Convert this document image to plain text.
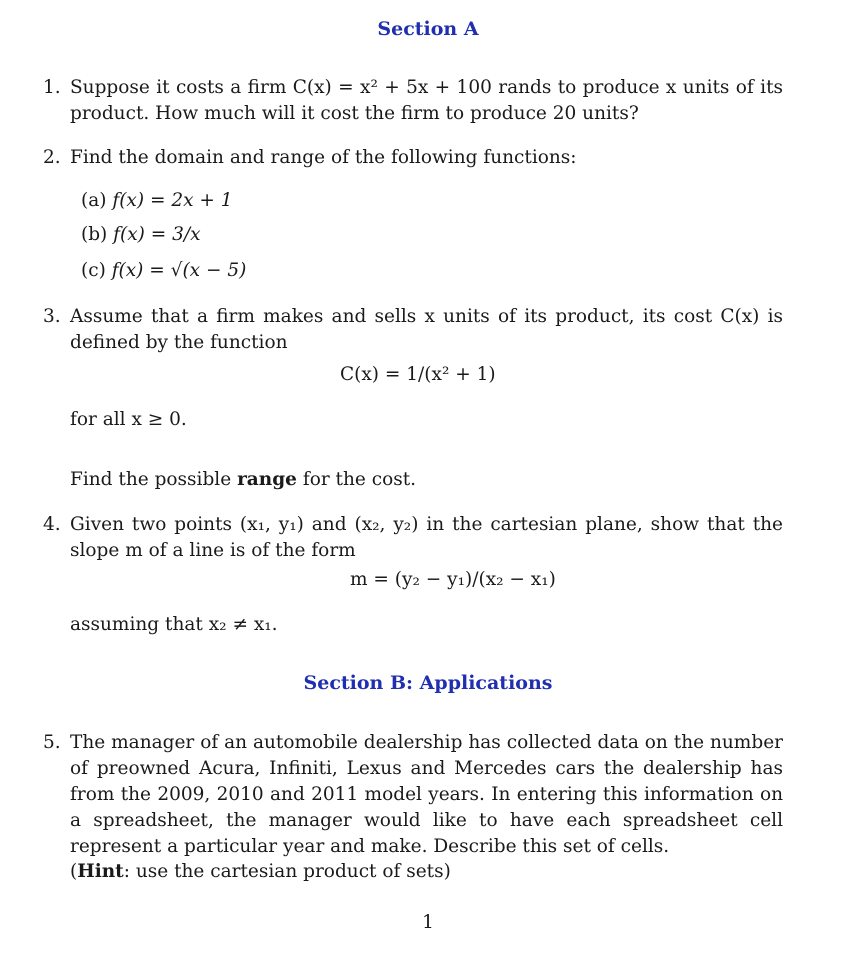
Section A
1. Suppose it costs a firm C(x) = x² + 5x + 100 rands to produce x units of its product. How much will it cost the firm to produce 20 units?
2. Find the domain and range of the following functions:
(a) f(x) = 2x + 1
(b) f(x) = 3/x
(c) f(x) = √(x − 5)
3. Assume that a firm makes and sells x units of its product, its cost C(x) is defined by the function
C(x) = 1/(x² + 1)
for all x ≥ 0.
Find the possible range for the cost.
4. Given two points (x₁, y₁) and (x₂, y₂) in the cartesian plane, show that the slope m of a line is of the form
m = (y₂ − y₁)/(x₂ − x₁)
assuming that x₂ ≠ x₁.
Section B: Applications
5. The manager of an automobile dealership has collected data on the number of preowned Acura, Infiniti, Lexus and Mercedes cars the dealership has from the 2009, 2010 and 2011 model years. In entering this information on a spreadsheet, the manager would like to have each spreadsheet cell represent a particular year and make. Describe this set of cells.
(Hint: use the cartesian product of sets)
1
